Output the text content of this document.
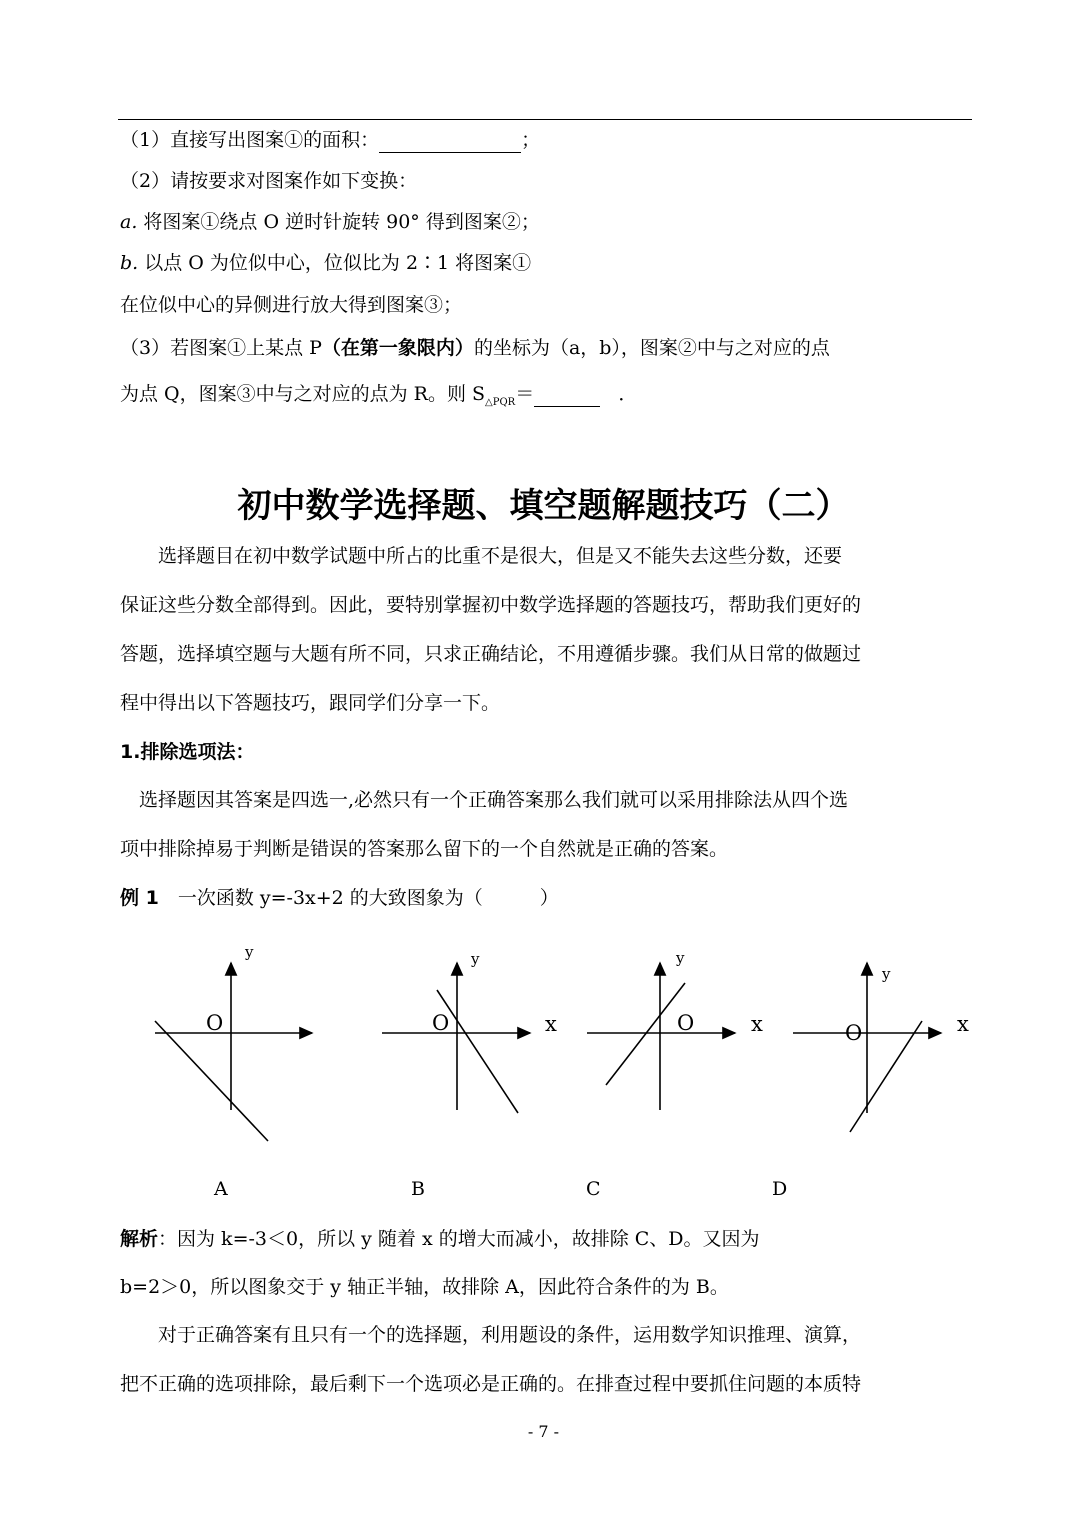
（1）直接写出图案①的面积：	；
（2）请按要求对图案作如下变换：
a. 将图案①绕点 O 逆时针旋转 90° 得到图案②；
b. 以点 O 为位似中心，位似比为 2∶1 将图案①
在位似中心的异侧进行放大得到图案③；
（3）若图案①上某点 P（在第一象限内）的坐标为（a，b），图案②中与之对应的点
为点 Q，图案③中与之对应的点为 R。则 $S_{\triangle PQR}=$	．
初中数学选择题、填空题解题技巧（二）
　　选择题目在初中数学试题中所占的比重不是很大，但是又不能失去这些分数，还要
保证这些分数全部得到。因此，要特别掌握初中数学选择题的答题技巧，帮助我们更好的
答题，选择填空题与大题有所不同，只求正确结论，不用遵循步骤。我们从日常的做题过
程中得出以下答题技巧，跟同学们分享一下。
1.排除选项法：
　选择题因其答案是四选一,必然只有一个正确答案那么我们就可以采用排除法从四个选
项中排除掉易于判断是错误的答案那么留下的一个自然就是正确的答案。
例 1　一次函数 y=-3x+2 的大致图象为（　　　）
y
O
y
x
O
y
x
O
y
x
O
A	B	C	D
解析：因为 k=-3＜0，所以 y 随着 x 的增大而减小，故排除 C、D。又因为
b=2＞0，所以图象交于 y 轴正半轴，故排除 A，因此符合条件的为 B。
　　对于正确答案有且只有一个的选择题，利用题设的条件，运用数学知识推理、演算，
把不正确的选项排除，最后剩下一个选项必是正确的。在排查过程中要抓住问题的本质特
- 7 -
